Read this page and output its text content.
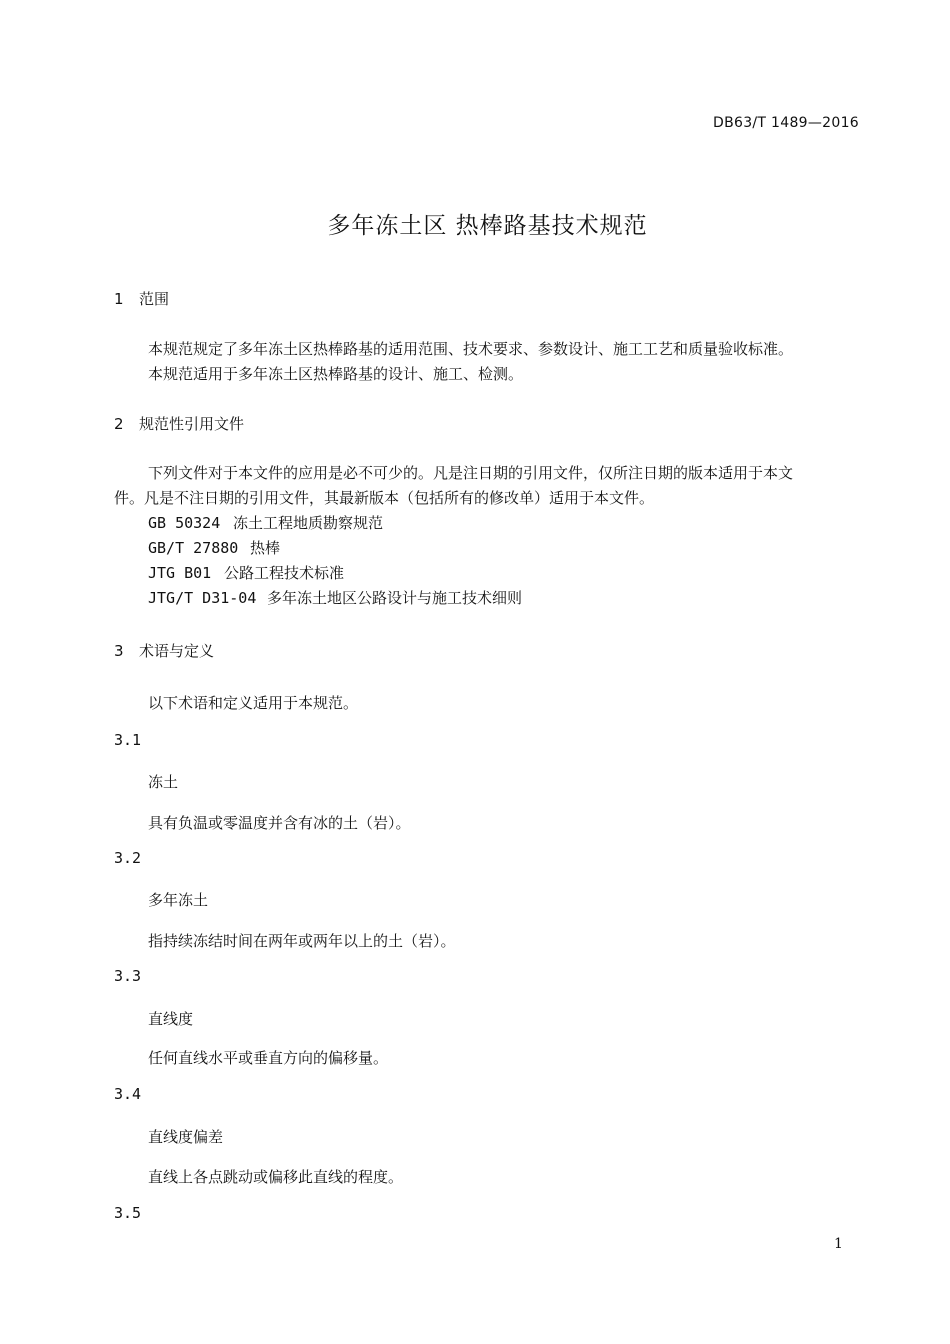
DB63/T 1489—2016
多年冻土区 热棒路基技术规范
1 范围
本规范规定了多年冻土区热棒路基的适用范围、技术要求、参数设计、施工工艺和质量验收标准。
本规范适用于多年冻土区热棒路基的设计、施工、检测。
2 规范性引用文件
下列文件对于本文件的应用是必不可少的。凡是注日期的引用文件，仅所注日期的版本适用于本文
件。凡是不注日期的引用文件，其最新版本（包括所有的修改单）适用于本文件。
GB 50324 冻土工程地质勘察规范
GB/T 27880 热棒
JTG B01 公路工程技术标准
JTG/T D31-04 多年冻土地区公路设计与施工技术细则
3 术语与定义
以下术语和定义适用于本规范。
3.1
冻土
具有负温或零温度并含有冰的土（岩）。
3.2
多年冻土
指持续冻结时间在两年或两年以上的土（岩）。
3.3
直线度
任何直线水平或垂直方向的偏移量。
3.4
直线度偏差
直线上各点跳动或偏移此直线的程度。
3.5
1
